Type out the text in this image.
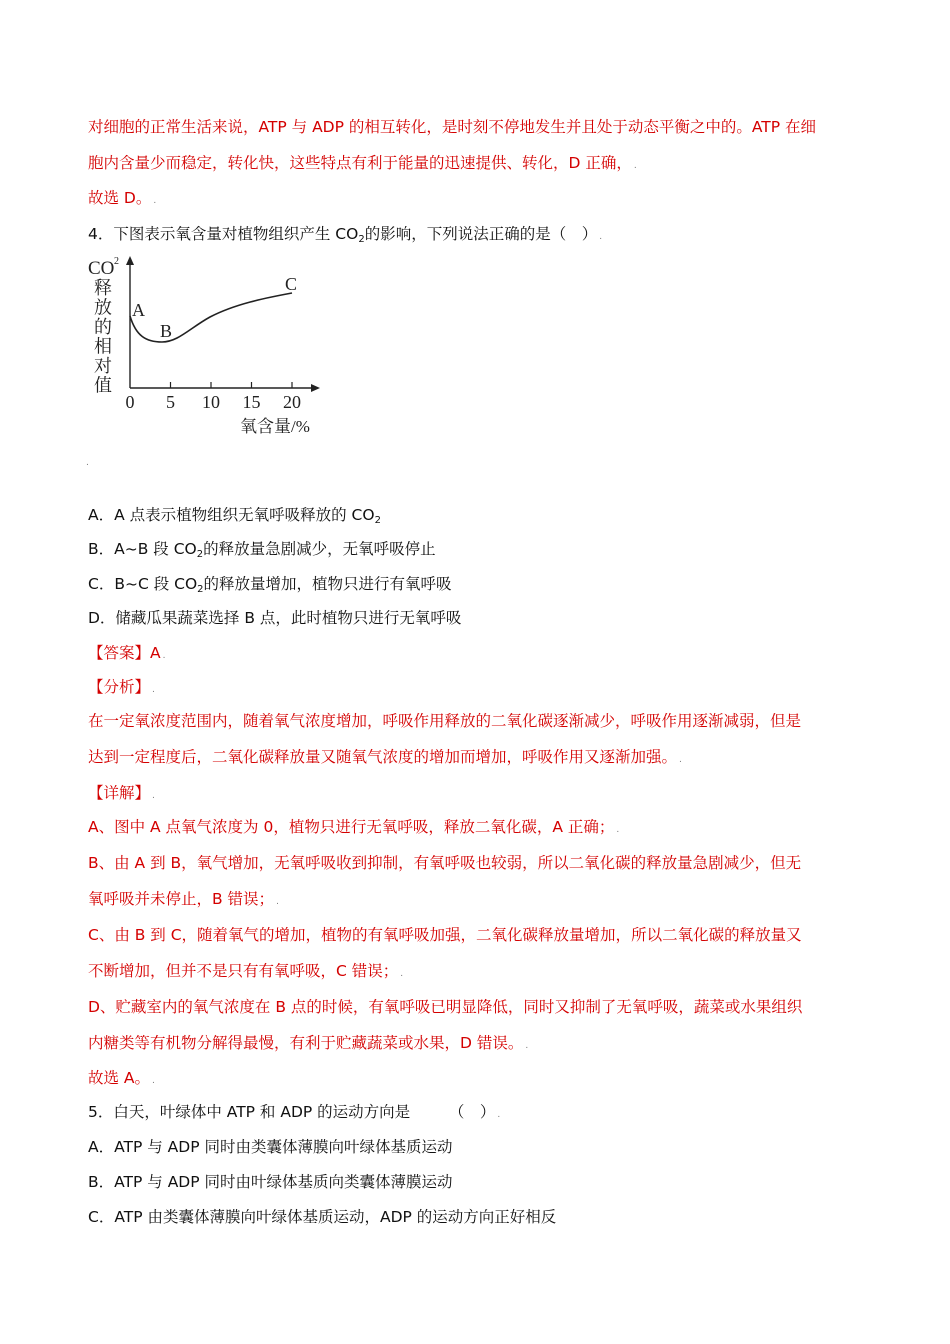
对细胞的正常生活来说，ATP 与 ADP 的相互转化，是时刻不停地发生并且处于动态平衡之中的。ATP 在细
胞内含量少而稳定，转化快，这些特点有利于能量的迅速提供、转化，D 正确， .
故选 D。 .
4．下图表示氧含量对植物组织产生 $CO_2$的影响，下列说法正确的是（　） .
CO 2
释
放
的
相
对
值
0 5 10 15 20
A
B
C
氧含量/%
.
A．A 点表示植物组织无氧呼吸释放的 $CO_2$
B．A~B 段 $CO_2$的释放量急剧减少，无氧呼吸停止
C．B~C 段 $CO_2$的释放量增加，植物只进行有氧呼吸
D．储藏瓜果蔬菜选择 B 点，此时植物只进行无氧呼吸
【答案】A .
【分析】 .
在一定氧浓度范围内，随着氧气浓度增加，呼吸作用释放的二氧化碳逐渐减少，呼吸作用逐渐减弱，但是
达到一定程度后，二氧化碳释放量又随氧气浓度的增加而增加，呼吸作用又逐渐加强。 .
【详解】 .
A、图中 A 点氧气浓度为 0，植物只进行无氧呼吸，释放二氧化碳，A 正确； .
B、由 A 到 B，氧气增加，无氧呼吸收到抑制，有氧呼吸也较弱，所以二氧化碳的释放量急剧减少，但无
氧呼吸并未停止，B 错误； .
C、由 B 到 C，随着氧气的增加，植物的有氧呼吸加强，二氧化碳释放量增加，所以二氧化碳的释放量又
不断增加，但并不是只有有氧呼吸，C 错误； .
D、贮藏室内的氧气浓度在 B 点的时候，有氧呼吸已明显降低，同时又抑制了无氧呼吸，蔬菜或水果组织
内糖类等有机物分解得最慢，有利于贮藏蔬菜或水果，D 错误。 .
故选 A。 .
5．白天，叶绿体中 ATP 和 ADP 的运动方向是　　　（　） .
A．ATP 与 ADP 同时由类囊体薄膜向叶绿体基质运动
B．ATP 与 ADP 同时由叶绿体基质向类囊体薄膜运动
C．ATP 由类囊体薄膜向叶绿体基质运动，ADP 的运动方向正好相反
